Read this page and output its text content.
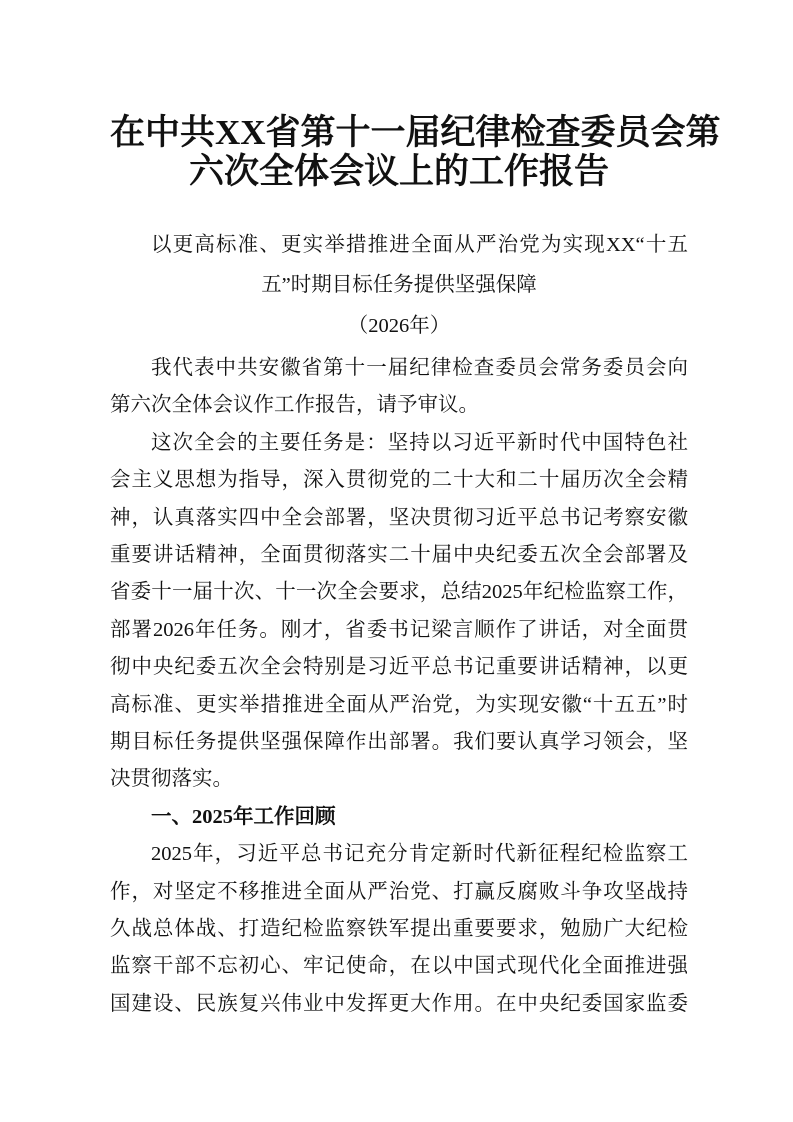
在中共XX省第十一届纪律检查委员会第
六次全体会议上的工作报告
以更高标准、更实举措推进全面从严治党为实现XX“十五
五”时期目标任务提供坚强保障
（2026年）
我代表中共安徽省第十一届纪律检查委员会常务委员会向
第六次全体会议作工作报告，请予审议。
这次全会的主要任务是：坚持以习近平新时代中国特色社
会主义思想为指导，深入贯彻党的二十大和二十届历次全会精
神，认真落实四中全会部署，坚决贯彻习近平总书记考察安徽
重要讲话精神，全面贯彻落实二十届中央纪委五次全会部署及
省委十一届十次、十一次全会要求，总结2025年纪检监察工作，
部署2026年任务。刚才，省委书记梁言顺作了讲话，对全面贯
彻中央纪委五次全会特别是习近平总书记重要讲话精神，以更
高标准、更实举措推进全面从严治党，为实现安徽“十五五”时
期目标任务提供坚强保障作出部署。我们要认真学习领会，坚
决贯彻落实。
一、2025年工作回顾
2025年，习近平总书记充分肯定新时代新征程纪检监察工
作，对坚定不移推进全面从严治党、打赢反腐败斗争攻坚战持
久战总体战、打造纪检监察铁军提出重要要求，勉励广大纪检
监察干部不忘初心、牢记使命，在以中国式现代化全面推进强
国建设、民族复兴伟业中发挥更大作用。在中央纪委国家监委
